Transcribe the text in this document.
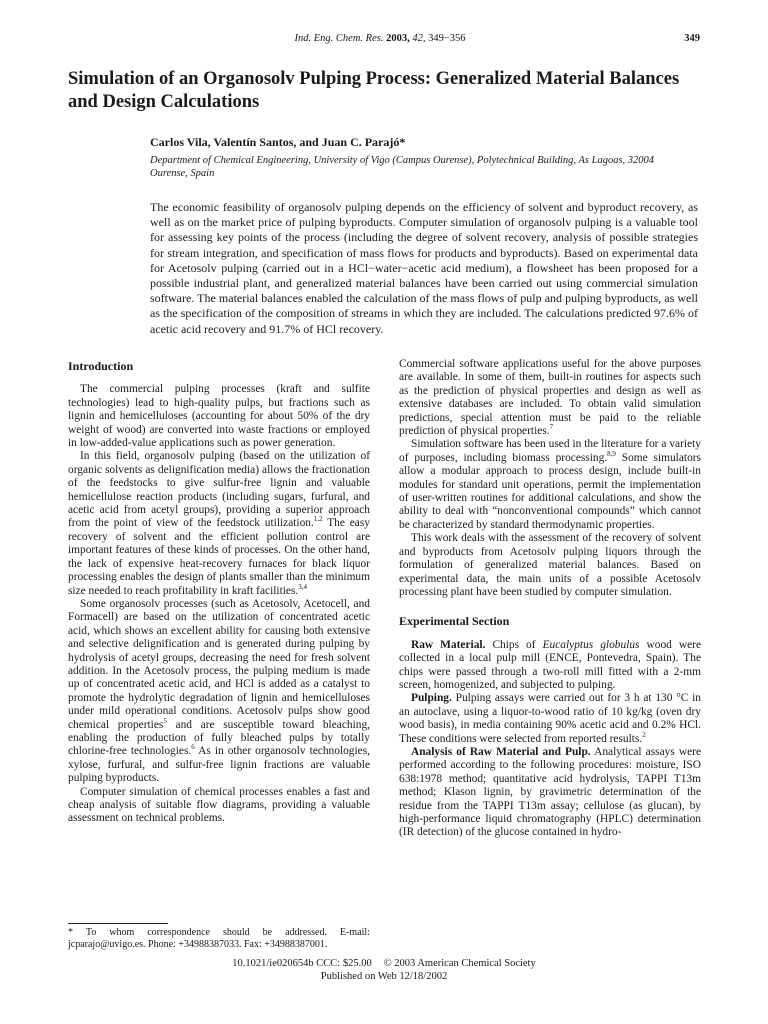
Ind. Eng. Chem. Res. 2003, 42, 349−356	349
Simulation of an Organosolv Pulping Process: Generalized Material Balances and Design Calculations
Carlos Vila, Valentín Santos, and Juan C. Parajó*
Department of Chemical Engineering, University of Vigo (Campus Ourense), Polytechnical Building, As Lagoas, 32004 Ourense, Spain

The economic feasibility of organosolv pulping depends on the efficiency of solvent and byproduct recovery, as well as on the market price of pulping byproducts. Computer simulation of organosolv pulping is a valuable tool for assessing key points of the process (including the degree of solvent recovery, analysis of possible strategies for stream integration, and specification of mass flows for products and byproducts). Based on experimental data for Acetosolv pulping (carried out in a HCl−water−acetic acid medium), a flowsheet has been proposed for a possible industrial plant, and generalized material balances have been carried out using commercial simulation software. The material balances enabled the calculation of the mass flows of pulp and pulping byproducts, as well as the specification of the composition of streams in which they are included. The calculations predicted 97.6% of acetic acid recovery and 91.7% of HCl recovery.

Introduction

The commercial pulping processes (kraft and sulfite technologies) lead to high-quality pulps, but fractions such as lignin and hemicelluloses (accounting for about 50% of the dry weight of wood) are converted into waste fractions or employed in low-added-value applications such as power generation.

In this field, organosolv pulping (based on the utilization of organic solvents as delignification media) allows the fractionation of the feedstocks to give sulfur-free lignin and valuable hemicellulose reaction products (including sugars, furfural, and acetic acid from acetyl groups), providing a superior approach from the point of view of the feedstock utilization.$^{1,2}$ The easy recovery of solvent and the efficient pollution control are important features of these kinds of processes. On the other hand, the lack of expensive heat-recovery furnaces for black liquor processing enables the design of plants smaller than the minimum size needed to reach profitability in kraft facilities.$^{3,4}$

Some organosolv processes (such as Acetosolv, Acetocell, and Formacell) are based on the utilization of concentrated acetic acid, which shows an excellent ability for causing both extensive and selective delignification and is generated during pulping by hydrolysis of acetyl groups, decreasing the need for fresh solvent addition. In the Acetosolv process, the pulping medium is made up of concentrated acetic acid, and HCl is added as a catalyst to promote the hydrolytic degradation of lignin and hemicelluloses under mild operational conditions. Acetosolv pulps show good chemical properties$^5$ and are susceptible toward bleaching, enabling the production of fully bleached pulps by totally chlorine-free technologies.$^6$ As in other organosolv technologies, xylose, furfural, and sulfur-free lignin fractions are valuable pulping byproducts.

Computer simulation of chemical processes enables a fast and cheap analysis of suitable flow diagrams, providing a valuable assessment on technical problems.

Commercial software applications useful for the above purposes are available. In some of them, built-in routines for aspects such as the prediction of physical properties and design as well as extensive databases are included. To obtain valid simulation predictions, special attention must be paid to the reliable prediction of physical properties.$^7$

Simulation software has been used in the literature for a variety of purposes, including biomass processing.$^{8,9}$ Some simulators allow a modular approach to process design, include built-in modules for standard unit operations, permit the implementation of user-written routines for additional calculations, and show the ability to deal with “nonconventional compounds” which cannot be characterized by standard thermodynamic properties.

This work deals with the assessment of the recovery of solvent and byproducts from Acetosolv pulping liquors through the formulation of generalized material balances. Based on experimental data, the main units of a possible Acetosolv processing plant have been studied by computer simulation.

Experimental Section

Raw Material. Chips of Eucalyptus globulus wood were collected in a local pulp mill (ENCE, Pontevedra, Spain). The chips were passed through a two-roll mill fitted with a 2-mm screen, homogenized, and subjected to pulping.

Pulping. Pulping assays were carried out for 3 h at 130 °C in an autoclave, using a liquor-to-wood ratio of 10 kg/kg (oven dry wood basis), in media containing 90% acetic acid and 0.2% HCl. These conditions were selected from reported results.$^2$

Analysis of Raw Material and Pulp. Analytical assays were performed according to the following procedures: moisture, ISO 638:1978 method; quantitative acid hydrolysis, TAPPI T13m method; Klason lignin, by gravimetric determination of the residue from the TAPPI T13m assay; cellulose (as glucan), by high-performance liquid chromatography (HPLC) determination (IR detection) of the glucose contained in hydro-

* To whom correspondence should be addressed. E-mail: jcparajo@uvigo.es. Phone: +34988387033. Fax: +34988387001.
10.1021/ie020654b CCC: $25.00 © 2003 American Chemical Society
Published on Web 12/18/2002
